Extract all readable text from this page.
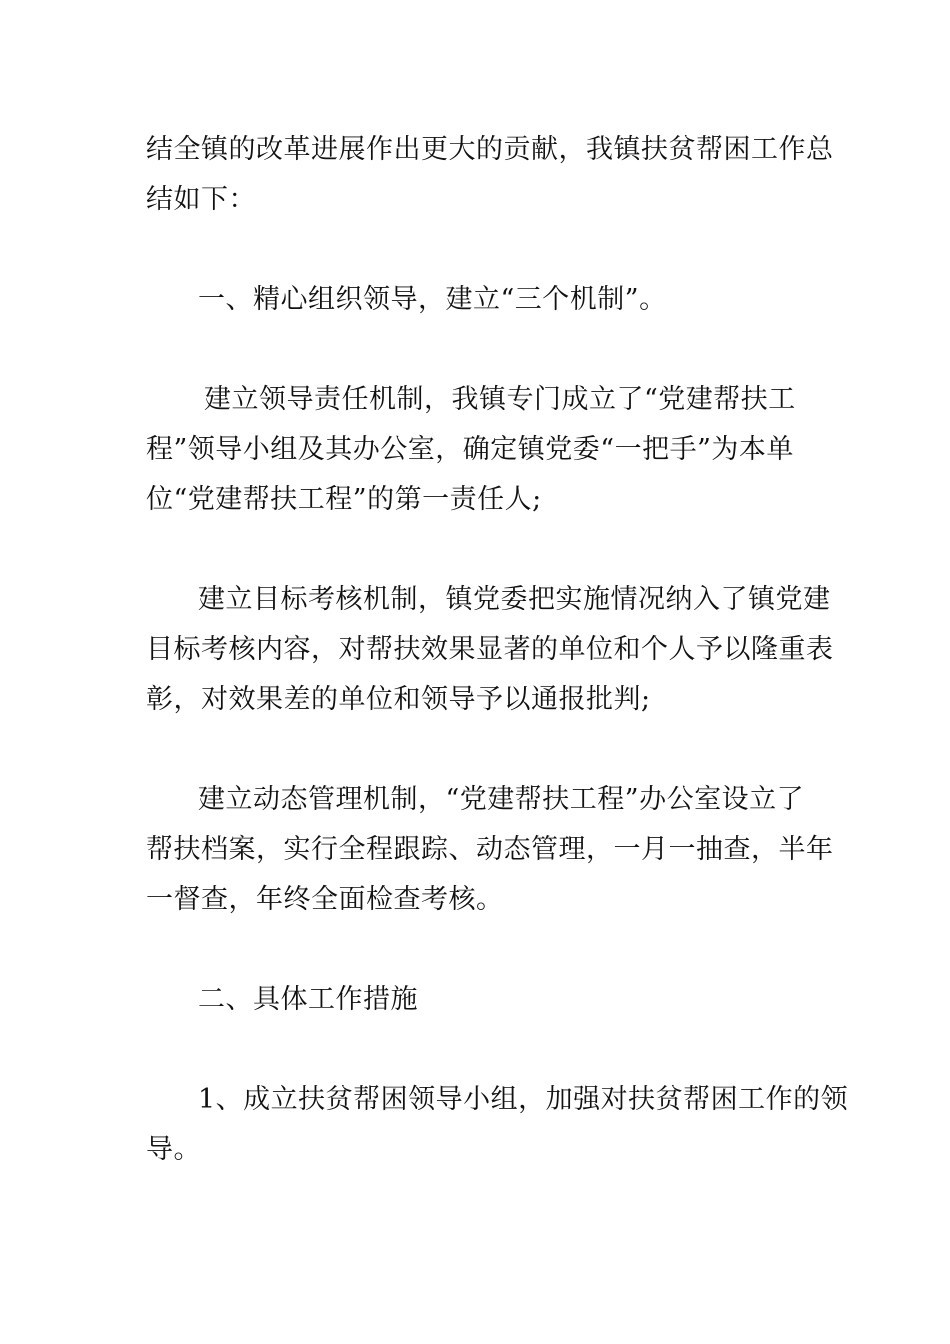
结全镇的改革进展作出更大的贡献，我镇扶贫帮困工作总
结如下：
一、精心组织领导，建立“三个机制”。
建立领导责任机制，我镇专门成立了“党建帮扶工
程”领导小组及其办公室，确定镇党委“一把手”为本单
位“党建帮扶工程”的第一责任人;
建立目标考核机制，镇党委把实施情况纳入了镇党建
目标考核内容，对帮扶效果显著的单位和个人予以隆重表
彰，对效果差的单位和领导予以通报批判;
建立动态管理机制，“党建帮扶工程”办公室设立了
帮扶档案，实行全程跟踪、动态管理，一月一抽查，半年
一督查，年终全面检查考核。
二、具体工作措施
1、成立扶贫帮困领导小组，加强对扶贫帮困工作的领
导。
